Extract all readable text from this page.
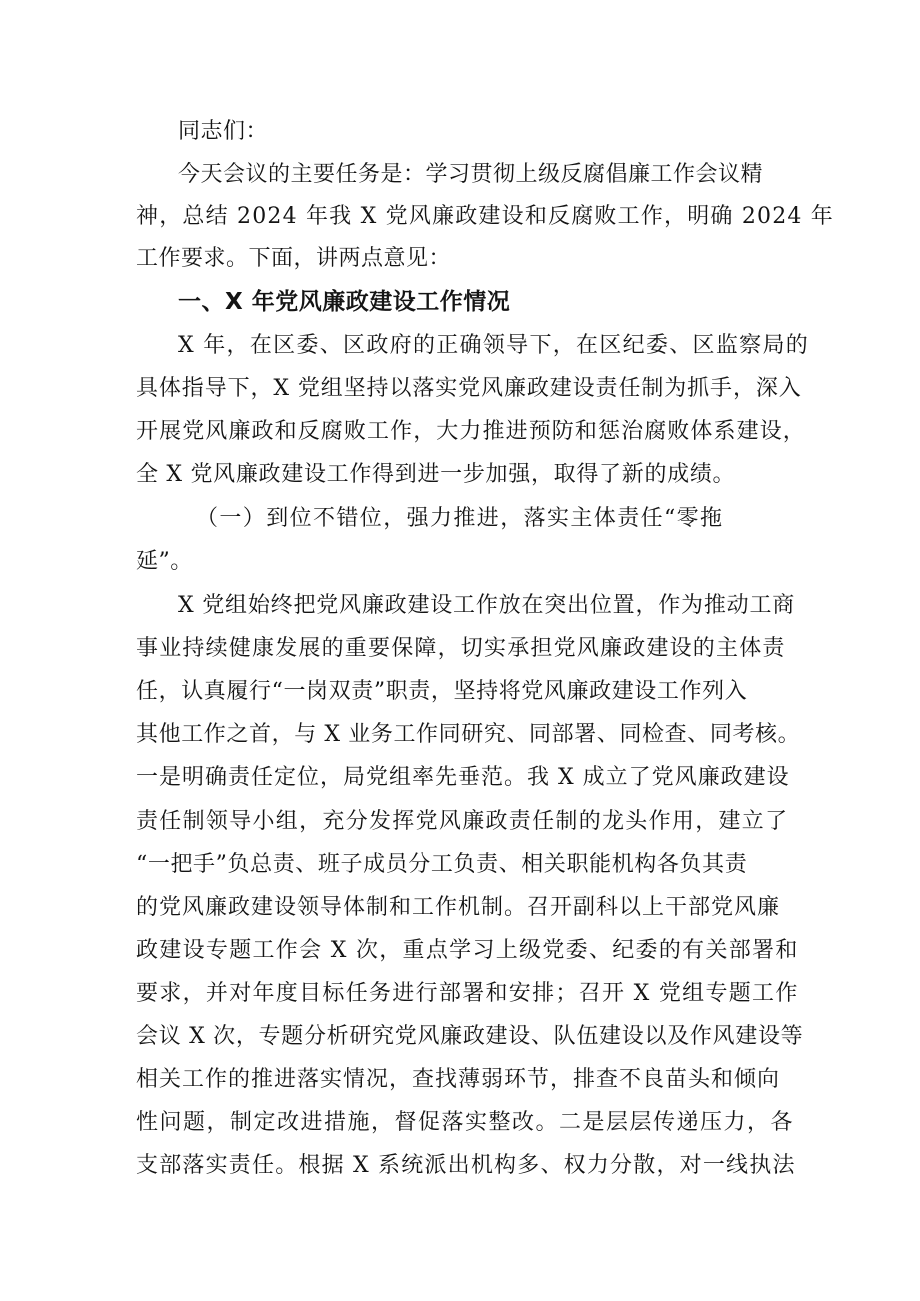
同志们：
今天会议的主要任务是：学习贯彻上级反腐倡廉工作会议精
神，总结 2024 年我 X 党风廉政建设和反腐败工作，明确 2024 年
工作要求。下面，讲两点意见：
一、X 年党风廉政建设工作情况
X 年，在区委、区政府的正确领导下，在区纪委、区监察局的
具体指导下，X 党组坚持以落实党风廉政建设责任制为抓手，深入
开展党风廉政和反腐败工作，大力推进预防和惩治腐败体系建设，
全 X 党风廉政建设工作得到进一步加强，取得了新的成绩。
（一）到位不错位，强力推进，落实主体责任“零拖
延”。
X 党组始终把党风廉政建设工作放在突出位置，作为推动工商
事业持续健康发展的重要保障，切实承担党风廉政建设的主体责
任，认真履行“一岗双责”职责，坚持将党风廉政建设工作列入
其他工作之首，与 X 业务工作同研究、同部署、同检查、同考核。
一是明确责任定位，局党组率先垂范。我 X 成立了党风廉政建设
责任制领导小组，充分发挥党风廉政责任制的龙头作用，建立了
“一把手”负总责、班子成员分工负责、相关职能机构各负其责
的党风廉政建设领导体制和工作机制。召开副科以上干部党风廉
政建设专题工作会 X 次，重点学习上级党委、纪委的有关部署和
要求，并对年度目标任务进行部署和安排；召开 X 党组专题工作
会议 X 次，专题分析研究党风廉政建设、队伍建设以及作风建设等
相关工作的推进落实情况，查找薄弱环节，排查不良苗头和倾向
性问题，制定改进措施，督促落实整改。二是层层传递压力，各
支部落实责任。根据 X 系统派出机构多、权力分散，对一线执法
